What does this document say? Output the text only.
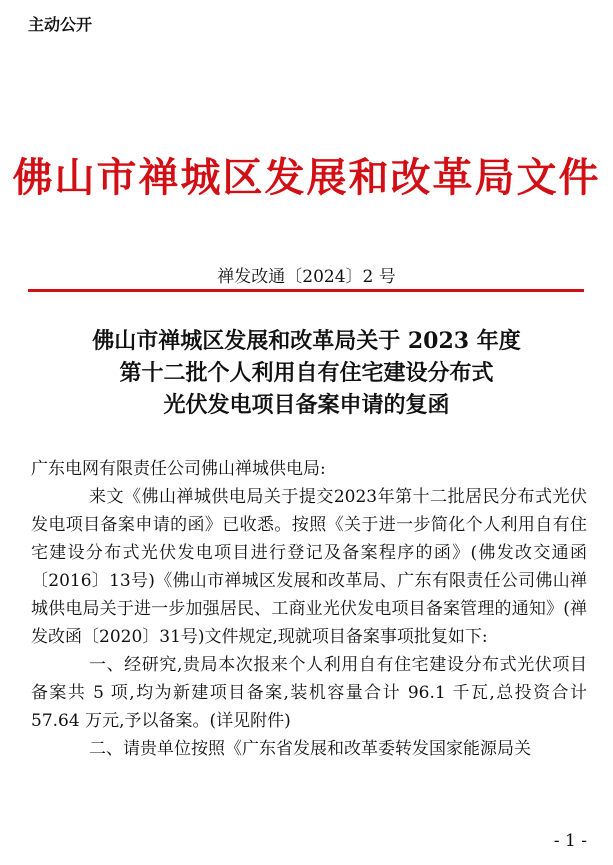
主动公开
佛山市禅城区发展和改革局文件
禅发改通〔2024〕2 号
佛山市禅城区发展和改革局关于 2023 年度
第十二批个人利用自有住宅建设分布式
光伏发电项目备案申请的复函

广东电网有限责任公司佛山禅城供电局:

来文《佛山禅城供电局关于提交2023年第十二批居民分布式光伏发电项目备案申请的函》已收悉。按照《关于进一步简化个人利用自有住宅建设分布式光伏发电项目进行登记及备案程序的函》(佛发改交通函〔2016〕13号)《佛山市禅城区发展和改革局、广东有限责任公司佛山禅城供电局关于进一步加强居民、工商业光伏发电项目备案管理的通知》(禅发改函〔2020〕31号)文件规定,现就项目备案事项批复如下:

一、经研究,贵局本次报来个人利用自有住宅建设分布式光伏项目备案共 5 项,均为新建项目备案,装机容量合计 96.1 千瓦,总投资合计 57.64 万元,予以备案。(详见附件)

二、请贵单位按照《广东省发展和改革委转发国家能源局关

- 1 -
